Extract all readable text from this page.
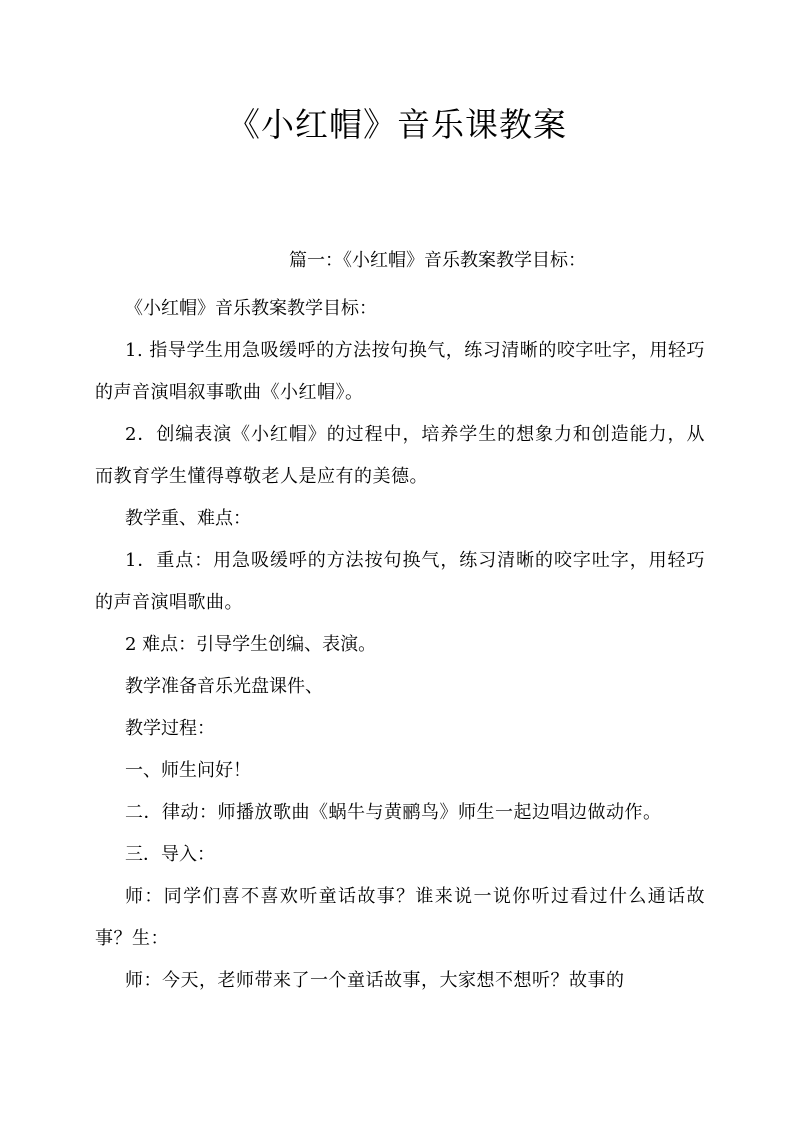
《小红帽》音乐课教案
篇一：《小红帽》音乐教案教学目标：

《小红帽》音乐教案教学目标：

1. 指导学生用急吸缓呼的方法按句换气，练习清晰的咬字吐字，用轻巧的声音演唱叙事歌曲《小红帽》。

2．创编表演《小红帽》的过程中，培养学生的想象力和创造能力，从而教育学生懂得尊敬老人是应有的美德。

教学重、难点：

1．重点：用急吸缓呼的方法按句换气，练习清晰的咬字吐字，用轻巧的声音演唱歌曲。

2 难点：引导学生创编、表演。

教学准备音乐光盘课件、

教学过程：

一、师生问好！

二．律动：师播放歌曲《蜗牛与黄鹂鸟》师生一起边唱边做动作。

三．导入：

师：同学们喜不喜欢听童话故事？谁来说一说你听过看过什么通话故事？生：

师：今天，老师带来了一个童话故事，大家想不想听？故事的
